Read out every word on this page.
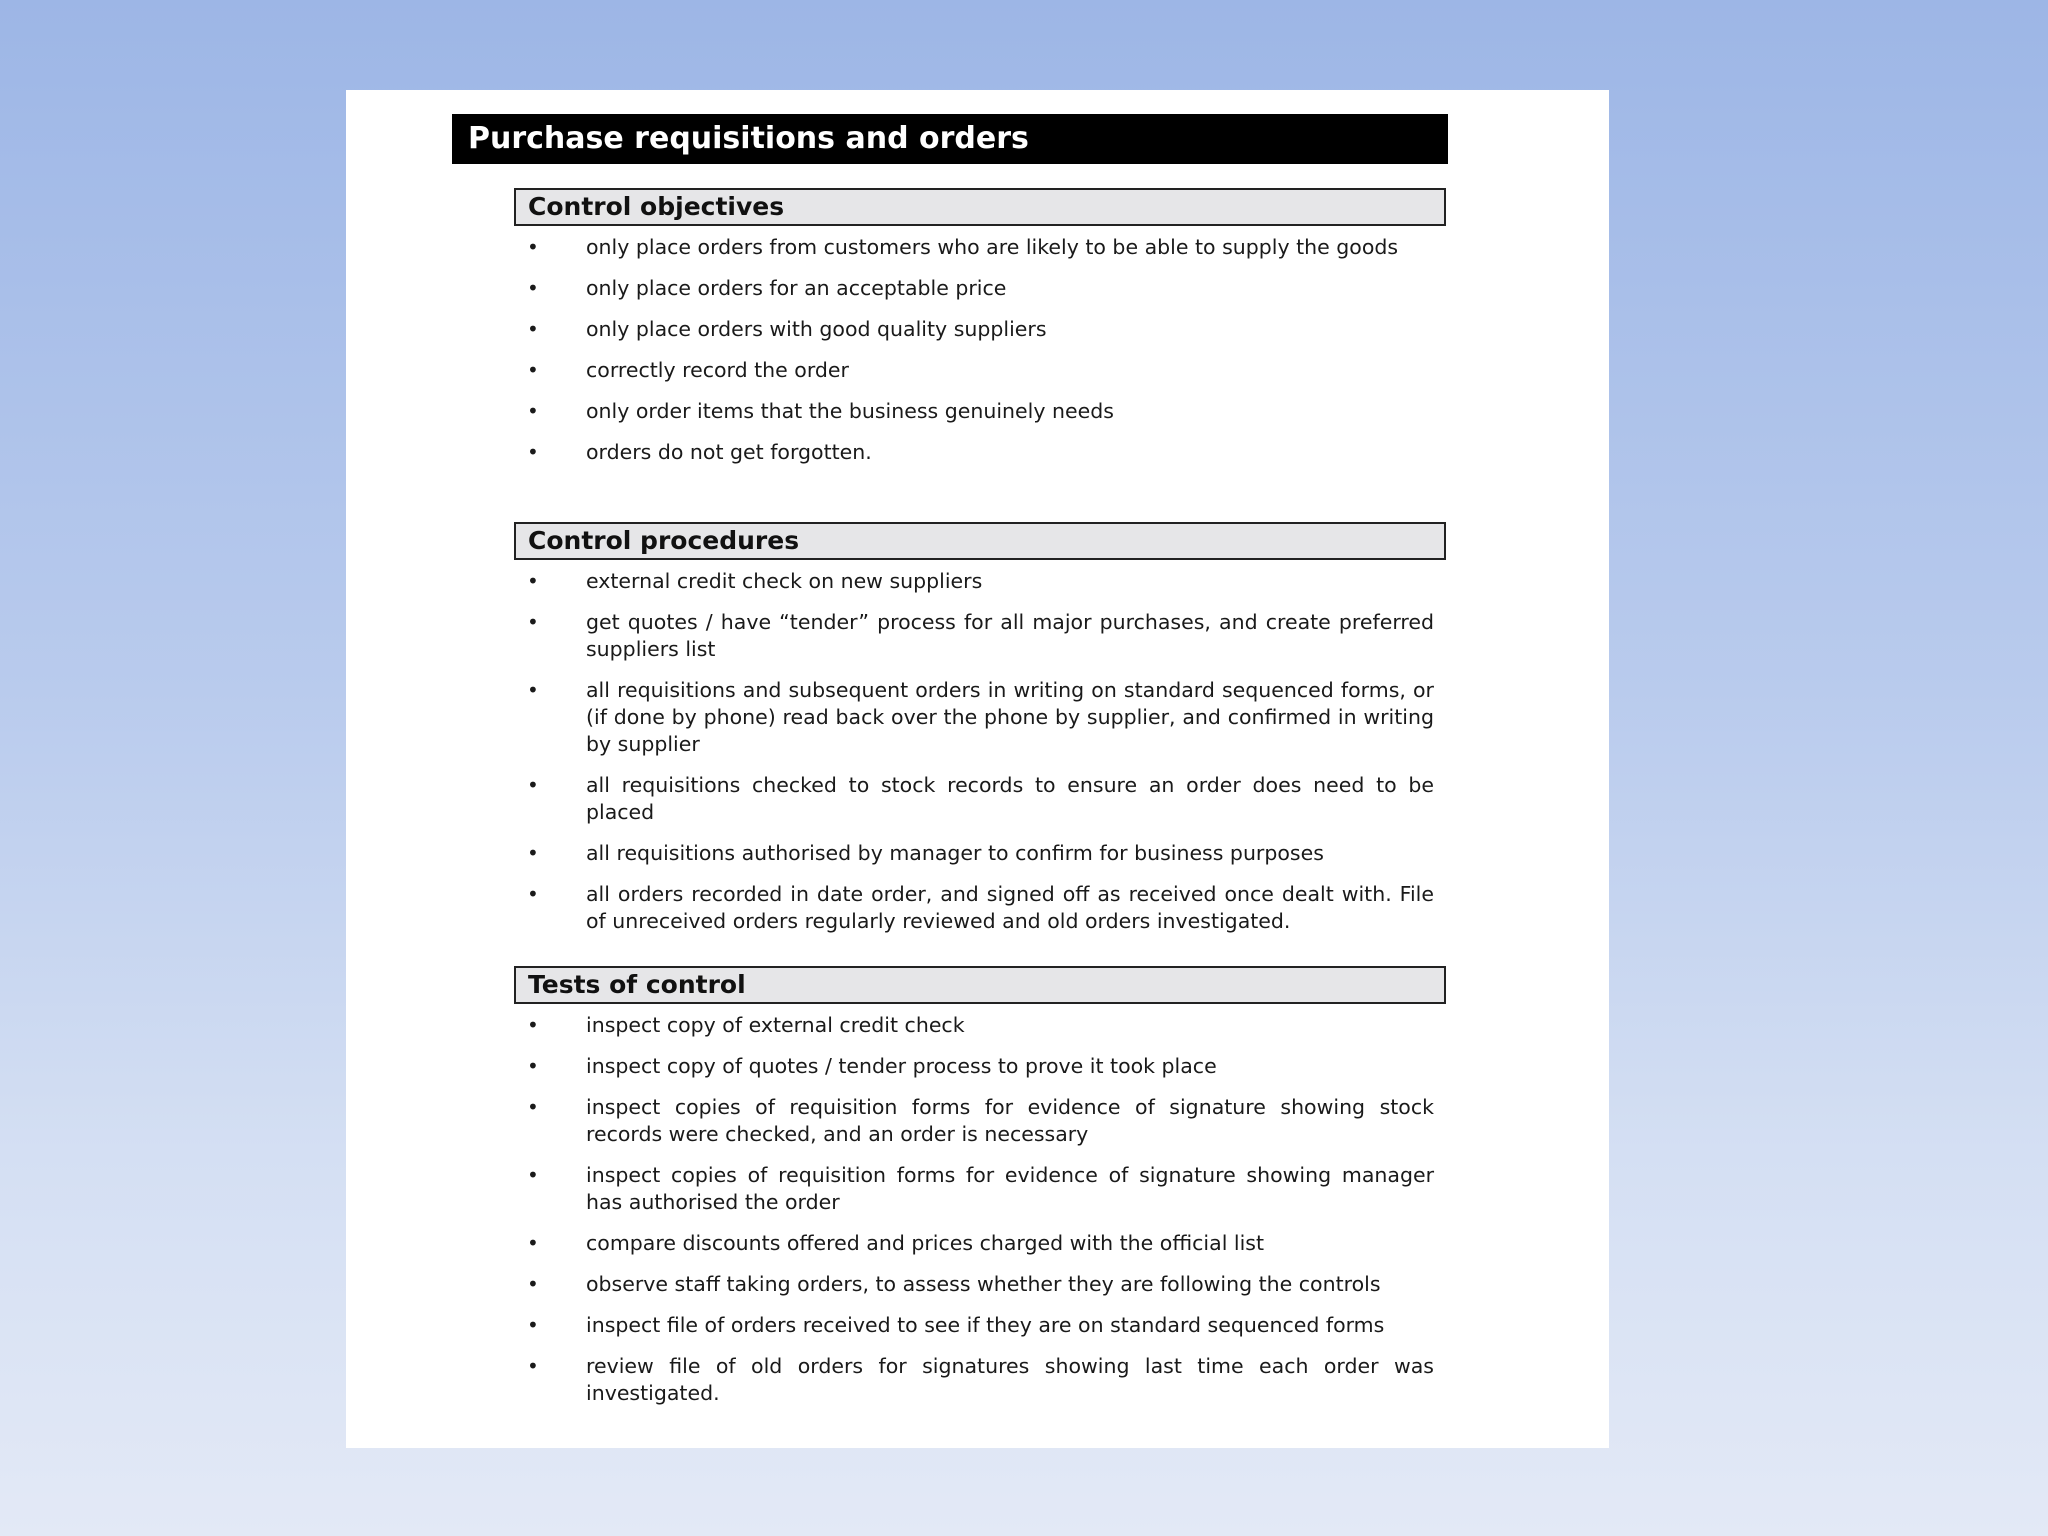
Purchase requisitions and orders
Control objectives
• only place orders from customers who are likely to be able to supply the goods
• only place orders for an acceptable price
• only place orders with good quality suppliers
• correctly record the order
• only order items that the business genuinely needs
• orders do not get forgotten.
Control procedures
• external credit check on new suppliers
• get quotes / have “tender” process for all major purchases, and create preferred suppliers list
• all requisitions and subsequent orders in writing on standard sequenced forms, or (if done by phone) read back over the phone by supplier, and confirmed in writing by supplier
• all requisitions checked to stock records to ensure an order does need to be placed
• all requisitions authorised by manager to confirm for business purposes
• all orders recorded in date order, and signed off as received once dealt with. File of unreceived orders regularly reviewed and old orders investigated.
Tests of control
• inspect copy of external credit check
• inspect copy of quotes / tender process to prove it took place
• inspect copies of requisition forms for evidence of signature showing stock records were checked, and an order is necessary
• inspect copies of requisition forms for evidence of signature showing manager has authorised the order
• compare discounts offered and prices charged with the official list
• observe staff taking orders, to assess whether they are following the controls
• inspect file of orders received to see if they are on standard sequenced forms
• review file of old orders for signatures showing last time each order was investigated.
